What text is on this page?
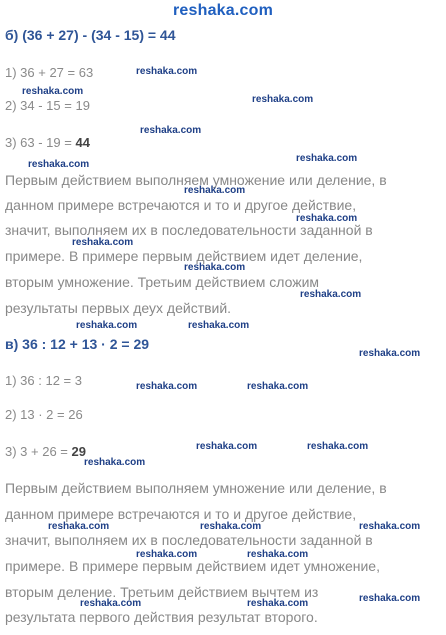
reshaka.com
б) (36 + 27) - (34 - 15) = 44
1) 36 + 27 = 63
2) 34 - 15 = 19
3) 63 - 19 = 44
Первым действием выполняем умножение или деление, в
данном примере встречаются и то и другое действие,
значит, выполняем их в последовательности заданной в
примере. В примере первым действием идет деление,
вторым умножение. Третьим действием сложим
результаты первых деух действий.
в) 36 : 12 + 13 · 2 = 29
1) 36 : 12 = 3
2) 13 · 2 = 26
3) 3 + 26 = 29
Первым действием выполняем умножение или деление, в
данном примере встречаются и то и другое действие,
значит, выполняем их в последовательности заданной в
примере. В примере первым действием идет умножение,
вторым деление. Третьим действием вычтем из
результата первого действия результат второго.
reshaka.com
reshaka.com
reshaka.com
reshaka.com
reshaka.com
reshaka.com
reshaka.com
reshaka.com
reshaka.com
reshaka.com
reshaka.com
reshaka.com	reshaka.com
reshaka.com
reshaka.com	reshaka.com
reshaka.com	reshaka.com
reshaka.com
reshaka.com	reshaka.com	reshaka.com
reshaka.com	reshaka.com
reshaka.com
reshaka.com	reshaka.com
